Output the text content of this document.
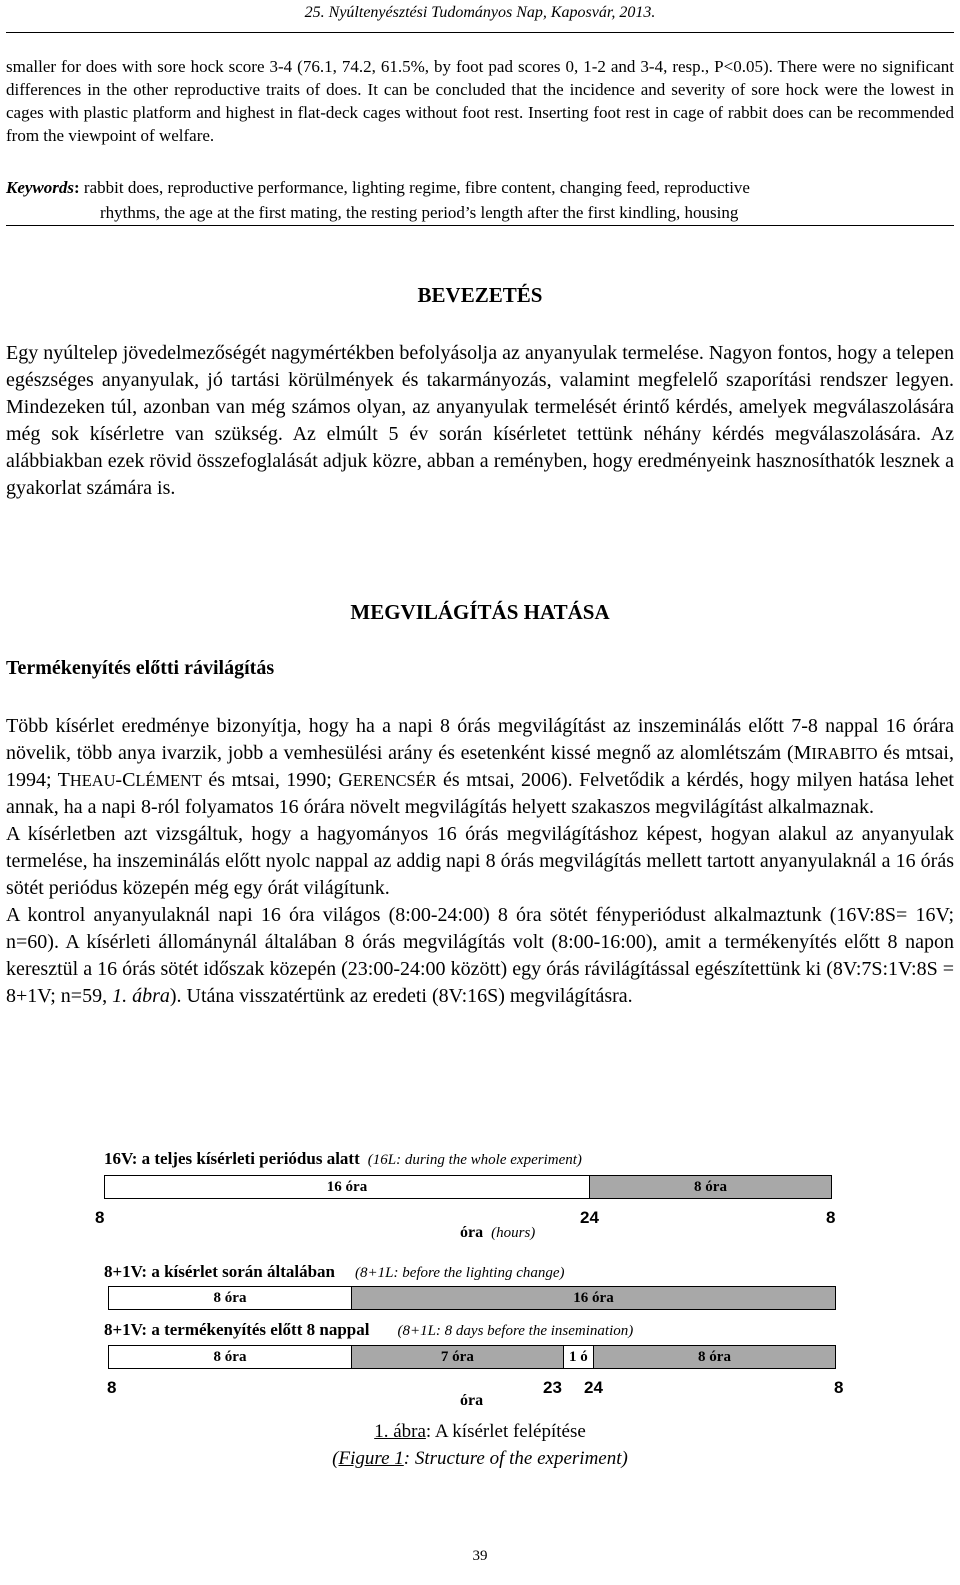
25. Nyúltenyésztési Tudományos Nap, Kaposvár, 2013.
smaller for does with sore hock score 3-4 (76.1, 74.2, 61.5%, by foot pad scores 0, 1-2 and 3-4, resp., P<0.05). There were no significant differences in the other reproductive traits of does. It can be concluded that the incidence and severity of sore hock were the lowest in cages with plastic platform and highest in flat-deck cages without foot rest. Inserting foot rest in cage of rabbit does can be recommended from the viewpoint of welfare.
Keywords: rabbit does, reproductive performance, lighting regime, fibre content, changing feed, reproductive
rhythms, the age at the first mating, the resting period’s length after the first kindling, housing
BEVEZETÉS

Egy nyúltelep jövedelmezőségét nagymértékben befolyásolja az anyanyulak termelése. Nagyon fontos, hogy a telepen egészséges anyanyulak, jó tartási körülmények és takarmányozás, valamint megfelelő szaporítási rendszer legyen. Mindezeken túl, azonban van még számos olyan, az anyanyulak termelését érintő kérdés, amelyek megválaszolására még sok kísérletre van szükség. Az elmúlt 5 év során kísérletet tettünk néhány kérdés megválaszolására. Az alábbiakban ezek rövid összefoglalását adjuk közre, abban a reményben, hogy eredményeink hasznosíthatók lesznek a gyakorlat számára is.

MEGVILÁGÍTÁS HATÁSA
Termékenyítés előtti rávilágítás

Több kísérlet eredménye bizonyítja, hogy ha a napi 8 órás megvilágítást az inszeminálás előtt 7-8 nappal 16 órára növelik, több anya ivarzik, jobb a vemhesülési arány és esetenként kissé megnő az alomlétszám (MIRABITO és mtsai, 1994; THEAU-CLÉMENT és mtsai, 1990; GERENCSÉR és mtsai, 2006). Felvetődik a kérdés, hogy milyen hatása lehet annak, ha a napi 8-ról folyamatos 16 órára növelt megvilágítás helyett szakaszos megvilágítást alkalmaznak.

A kísérletben azt vizsgáltuk, hogy a hagyományos 16 órás megvilágításhoz képest, hogyan alakul az anyanyulak termelése, ha inszeminálás előtt nyolc nappal az addig napi 8 órás megvilágítás mellett tartott anyanyulaknál a 16 órás sötét periódus közepén még egy órát világítunk.

A kontrol anyanyulaknál napi 16 óra világos (8:00-24:00) 8 óra sötét fényperiódust alkalmaztunk (16V:8S= 16V; n=60). A kísérleti állománynál általában 8 órás megvilágítás volt (8:00-16:00), amit a termékenyítés előtt 8 napon keresztül a 16 órás sötét időszak közepén (23:00-24:00 között) egy órás rávilágítással egészítettünk ki (8V:7S:1V:8S = 8+1V; n=59, 1. ábra). Utána visszatértünk az eredeti (8V:16S) megvilágításra.

16V: a teljes kísérleti periódus alatt (16L: during the whole experiment)
16 óra	8 óra
8	24	8
óra (hours)
8+1V: a kísérlet során általában (8+1L: before the lighting change)
8 óra	16 óra
8+1V: a termékenyítés előtt 8 nappal (8+1L: 8 days before the insemination)
8 óra	7 óra	1 ó	8 óra
8	23 24	8
óra
1. ábra: A kísérlet felépítése
(Figure 1: Structure of the experiment)
39
